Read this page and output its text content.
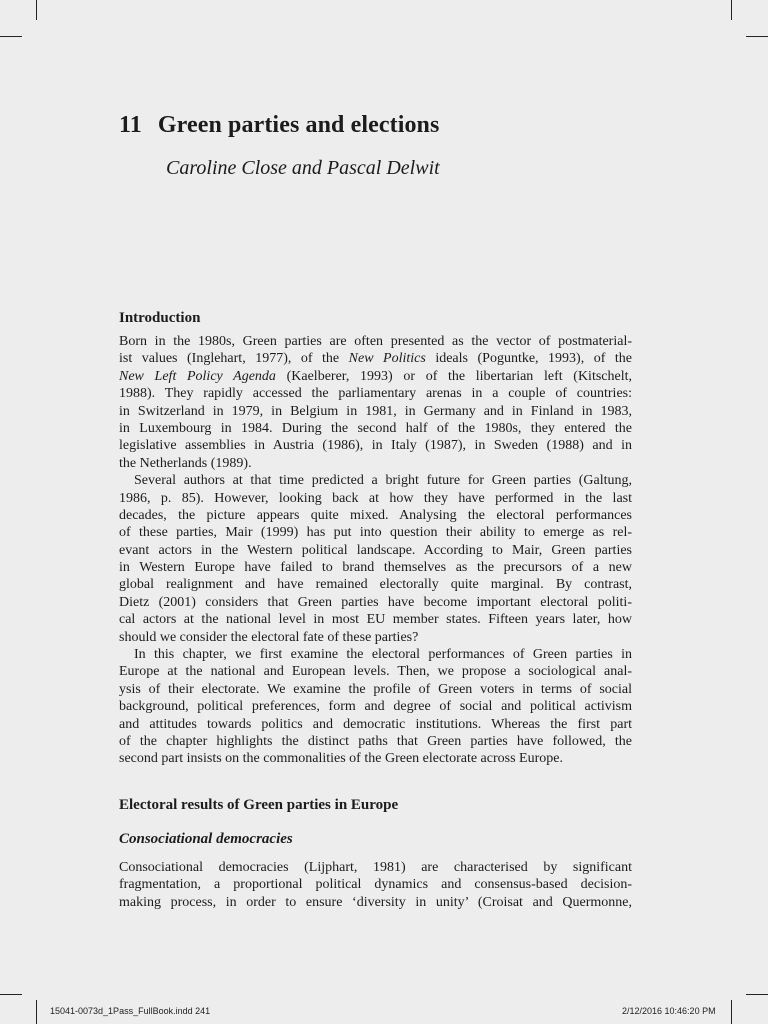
11 Green parties and elections

Caroline Close and Pascal Delwit

Introduction
Born in the 1980s, Green parties are often presented as the vector of postmaterial-
ist values (Inglehart, 1977), of the New Politics ideals (Poguntke, 1993), of the
New Left Policy Agenda (Kaelberer, 1993) or of the libertarian left (Kitschelt,
1988). They rapidly accessed the parliamentary arenas in a couple of countries:
in Switzerland in 1979, in Belgium in 1981, in Germany and in Finland in 1983,
in Luxembourg in 1984. During the second half of the 1980s, they entered the
legislative assemblies in Austria (1986), in Italy (1987), in Sweden (1988) and in
the Netherlands (1989).
Several authors at that time predicted a bright future for Green parties (Galtung,
1986, p. 85). However, looking back at how they have performed in the last
decades, the picture appears quite mixed. Analysing the electoral performances
of these parties, Mair (1999) has put into question their ability to emerge as rel-
evant actors in the Western political landscape. According to Mair, Green parties
in Western Europe have failed to brand themselves as the precursors of a new
global realignment and have remained electorally quite marginal. By contrast,
Dietz (2001) considers that Green parties have become important electoral politi-
cal actors at the national level in most EU member states. Fifteen years later, how
should we consider the electoral fate of these parties?
In this chapter, we first examine the electoral performances of Green parties in
Europe at the national and European levels. Then, we propose a sociological anal-
ysis of their electorate. We examine the profile of Green voters in terms of social
background, political preferences, form and degree of social and political activism
and attitudes towards politics and democratic institutions. Whereas the first part
of the chapter highlights the distinct paths that Green parties have followed, the
second part insists on the commonalities of the Green electorate across Europe.
Electoral results of Green parties in Europe
Consociational democracies
Consociational democracies (Lijphart, 1981) are characterised by significant
fragmentation, a proportional political dynamics and consensus-based decision-
making process, in order to ensure ‘diversity in unity’ (Croisat and Quermonne,
15041-0073d_1Pass_FullBook.indd 241	2/12/2016 10:46:20 PM
